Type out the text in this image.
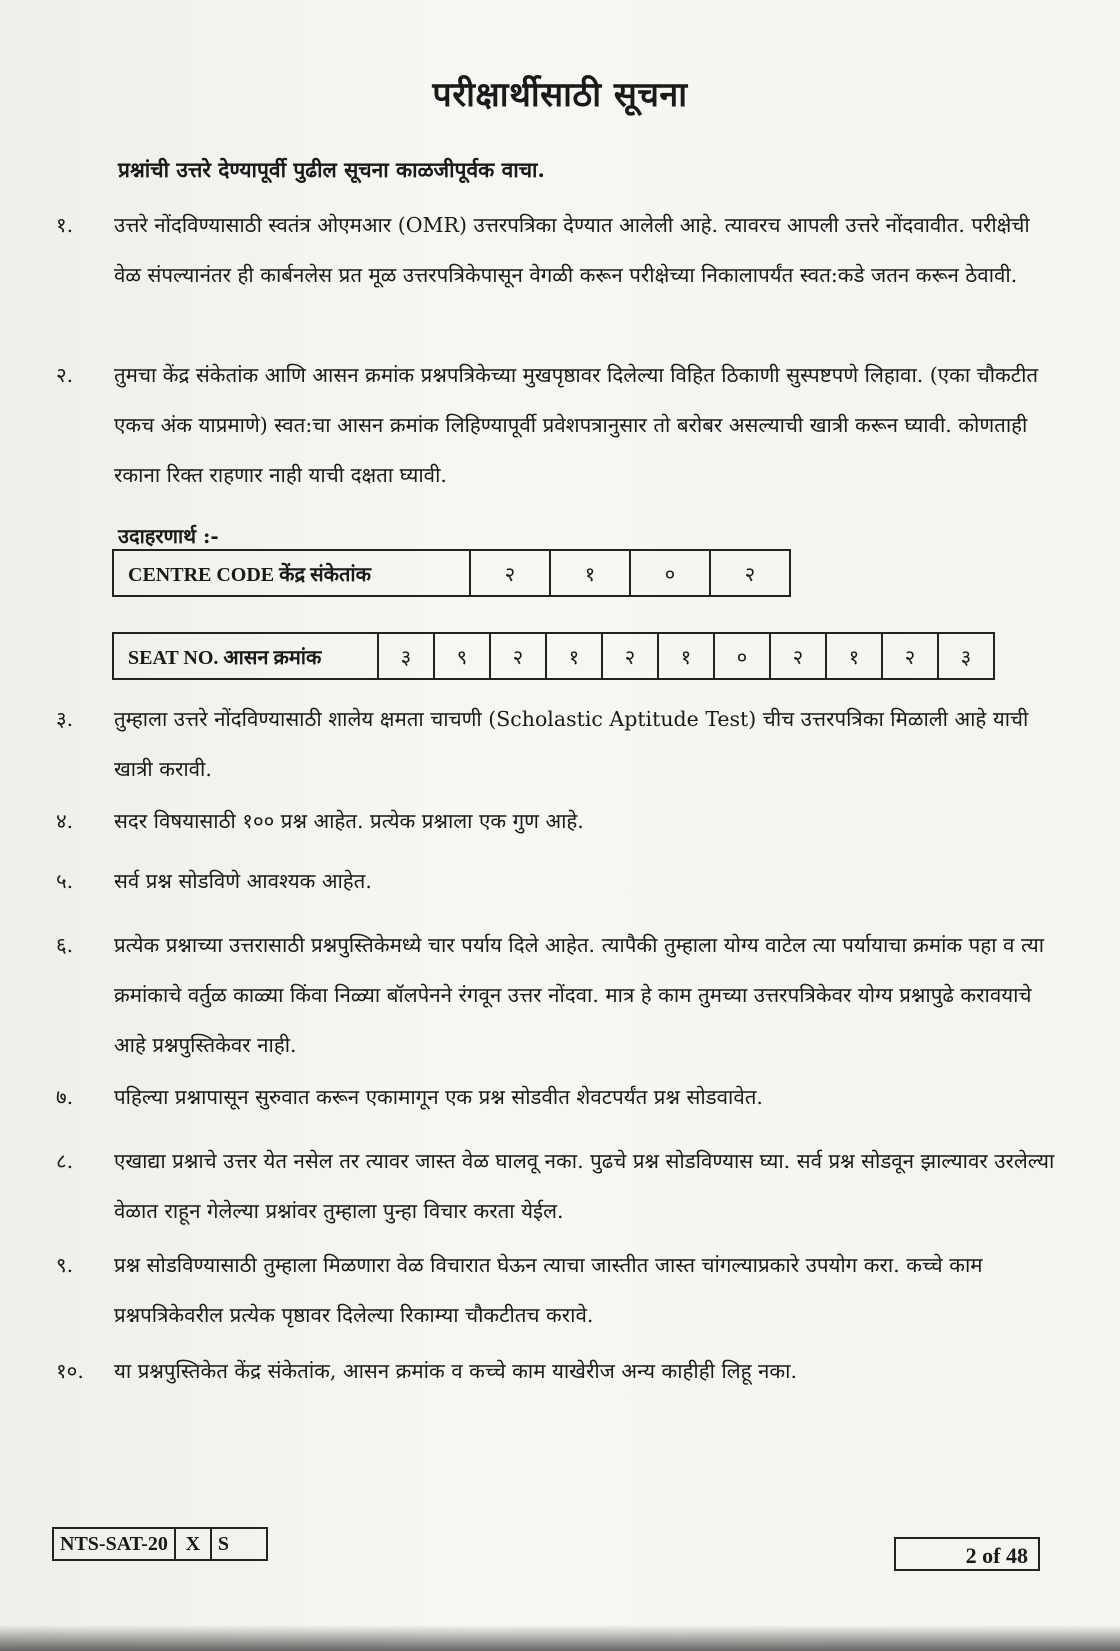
परीक्षार्थीसाठी सूचना
प्रश्नांची उत्तरे देण्यापूर्वी पुढील सूचना काळजीपूर्वक वाचा.
१.	उत्तरे नोंदविण्यासाठी स्वतंत्र ओएमआर (OMR) उत्तरपत्रिका देण्यात आलेली आहे. त्यावरच आपली उत्तरे नोंदवावीत. परीक्षेची वेळ संपल्यानंतर ही कार्बनलेस प्रत मूळ उत्तरपत्रिकेपासून वेगळी करून परीक्षेच्या निकालापर्यंत स्वत:कडे जतन करून ठेवावी.
२.	तुमचा केंद्र संकेतांक आणि आसन क्रमांक प्रश्नपत्रिकेच्या मुखपृष्ठावर दिलेल्या विहित ठिकाणी सुस्पष्टपणे लिहावा. (एका चौकटीत एकच अंक याप्रमाणे) स्वत:चा आसन क्रमांक लिहिण्यापूर्वी प्रवेशपत्रानुसार तो बरोबर असल्याची खात्री करून घ्यावी. कोणताही रकाना रिक्त राहणार नाही याची दक्षता घ्यावी.
उदाहरणार्थ :-
CENTRE CODE केंद्र संकेतांक	२	१	०	२
SEAT NO. आसन क्रमांक	३	९	२	१	२	१	०	२	१	२	३
३.	तुम्हाला उत्तरे नोंदविण्यासाठी शालेय क्षमता चाचणी (Scholastic Aptitude Test) चीच उत्तरपत्रिका मिळाली आहे याची खात्री करावी.
४.	सदर विषयासाठी १०० प्रश्न आहेत. प्रत्येक प्रश्नाला एक गुण आहे.
५.	सर्व प्रश्न सोडविणे आवश्यक आहेत.
६.	प्रत्येक प्रश्नाच्या उत्तरासाठी प्रश्नपुस्तिकेमध्ये चार पर्याय दिले आहेत. त्यापैकी तुम्हाला योग्य वाटेल त्या पर्यायाचा क्रमांक पहा व त्या क्रमांकाचे वर्तुळ काळ्या किंवा निळ्या बॉलपेनने रंगवून उत्तर नोंदवा. मात्र हे काम तुमच्या उत्तरपत्रिकेवर योग्य प्रश्नापुढे करावयाचे आहे प्रश्नपुस्तिकेवर नाही.
७.	पहिल्या प्रश्नापासून सुरुवात करून एकामागून एक प्रश्न सोडवीत शेवटपर्यंत प्रश्न सोडवावेत.
८.	एखाद्या प्रश्नाचे उत्तर येत नसेल तर त्यावर जास्त वेळ घालवू नका. पुढचे प्रश्न सोडविण्यास घ्या. सर्व प्रश्न सोडवून झाल्यावर उरलेल्या वेळात राहून गेलेल्या प्रश्नांवर तुम्हाला पुन्हा विचार करता येईल.
९.	प्रश्न सोडविण्यासाठी तुम्हाला मिळणारा वेळ विचारात घेऊन त्याचा जास्तीत जास्त चांगल्याप्रकारे उपयोग करा. कच्चे काम प्रश्नपत्रिकेवरील प्रत्येक पृष्ठावर दिलेल्या रिकाम्या चौकटीतच करावे.
१०.	या प्रश्नपुस्तिकेत केंद्र संकेतांक, आसन क्रमांक व कच्चे काम याखेरीज अन्य काहीही लिहू नका.
NTS-SAT-20	X	S	2 of 48
